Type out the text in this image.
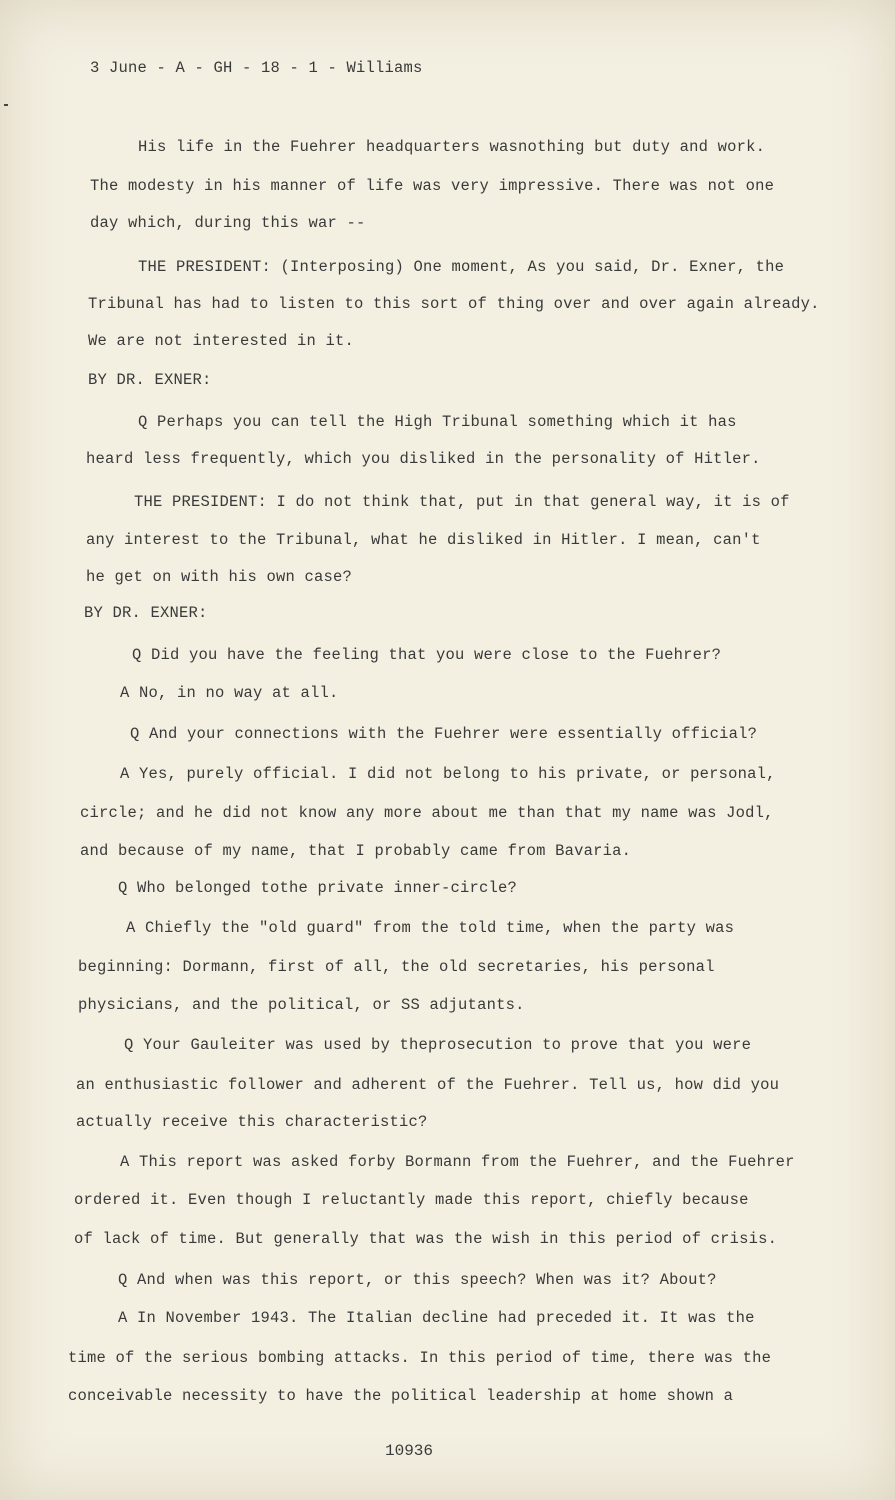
3 June - A - GH - 18 - 1 - Williams
His life in the Fuehrer headquarters wasnothing but duty and work.
The modesty in his manner of life was very impressive. There was not one
day which, during this war --
THE PRESIDENT: (Interposing) One moment, As you said, Dr. Exner, the
Tribunal has had to listen to this sort of thing over and over again already.
We are not interested in it.
BY DR. EXNER:
Q Perhaps you can tell the High Tribunal something which it has
heard less frequently, which you disliked in the personality of Hitler.
THE PRESIDENT: I do not think that, put in that general way, it is of
any interest to the Tribunal, what he disliked in Hitler. I mean, can't
he get on with his own case?
BY DR. EXNER:
Q Did you have the feeling that you were close to the Fuehrer?
A No, in no way at all.
Q And your connections with the Fuehrer were essentially official?
A Yes, purely official. I did not belong to his private, or personal,
circle; and he did not know any more about me than that my name was Jodl,
and because of my name, that I probably came from Bavaria.
Q Who belonged tothe private inner-circle?
A Chiefly the "old guard" from the told time, when the party was
beginning: Dormann, first of all, the old secretaries, his personal
physicians, and the political, or SS adjutants.
Q Your Gauleiter was used by theprosecution to prove that you were
an enthusiastic follower and adherent of the Fuehrer. Tell us, how did you
actually receive this characteristic?
A This report was asked forby Bormann from the Fuehrer, and the Fuehrer
ordered it. Even though I reluctantly made this report, chiefly because
of lack of time. But generally that was the wish in this period of crisis.
Q And when was this report, or this speech? When was it? About?
A In November 1943. The Italian decline had preceded it. It was the
time of the serious bombing attacks. In this period of time, there was the
conceivable necessity to have the political leadership at home shown a
10936
